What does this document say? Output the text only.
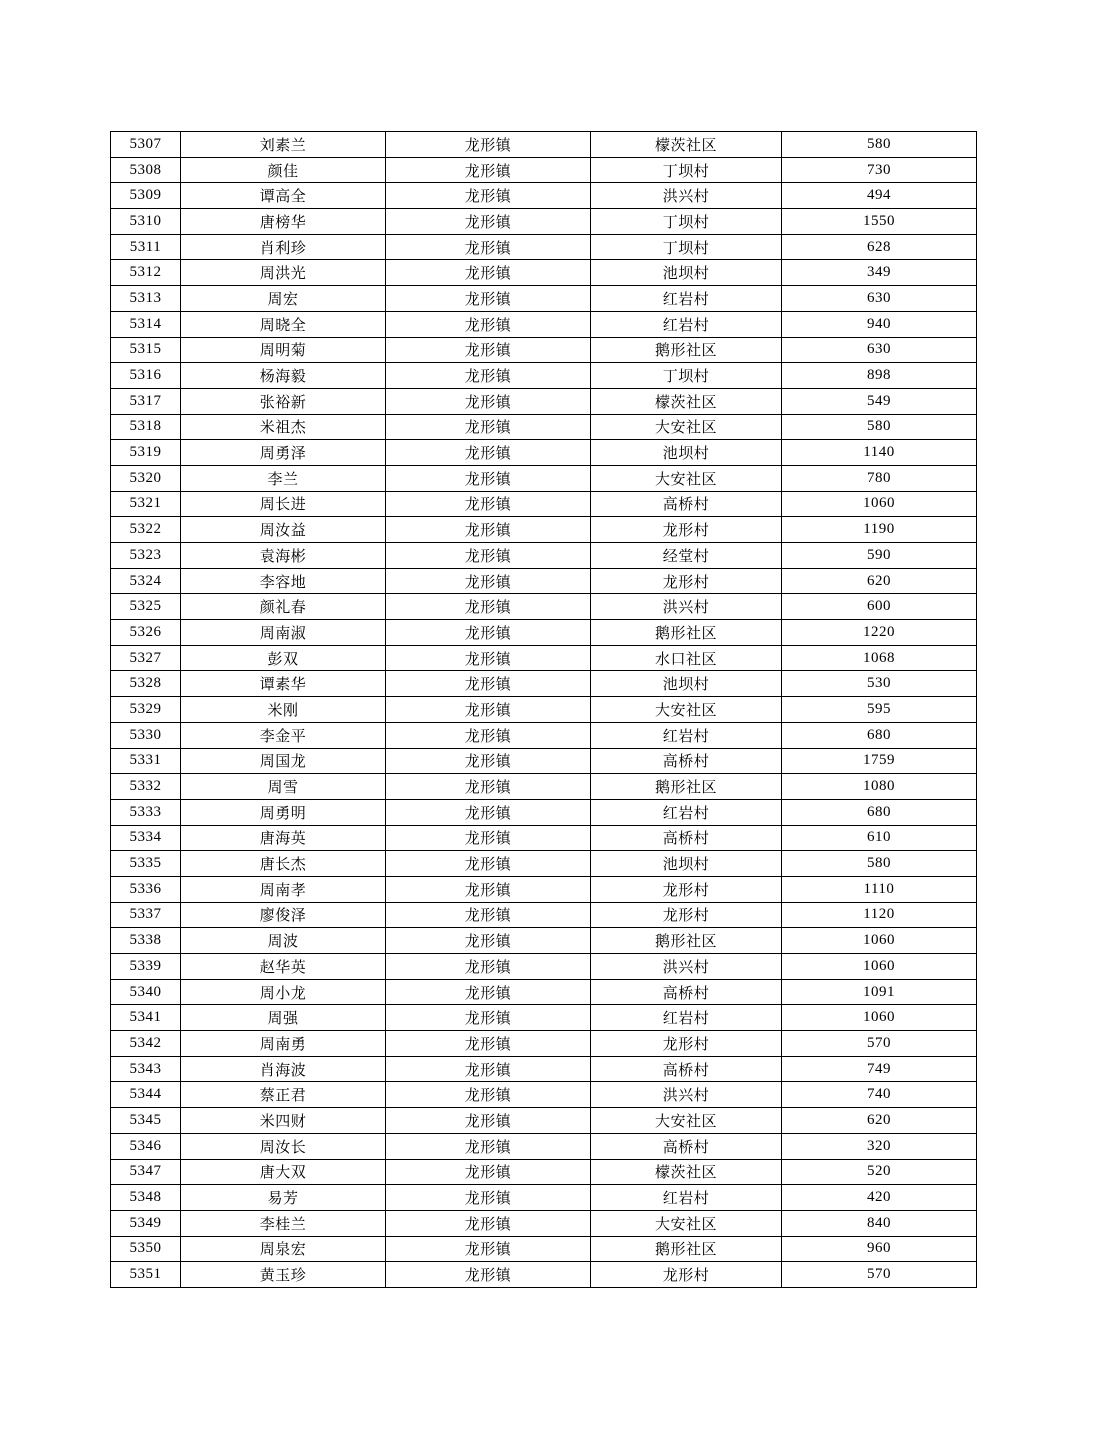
5307	刘素兰	龙形镇	檬茨社区	580
5308	颜佳	龙形镇	丁坝村	730
5309	谭高全	龙形镇	洪兴村	494
5310	唐榜华	龙形镇	丁坝村	1550
5311	肖利珍	龙形镇	丁坝村	628
5312	周洪光	龙形镇	池坝村	349
5313	周宏	龙形镇	红岩村	630
5314	周晓全	龙形镇	红岩村	940
5315	周明菊	龙形镇	鹅形社区	630
5316	杨海毅	龙形镇	丁坝村	898
5317	张裕新	龙形镇	檬茨社区	549
5318	米祖杰	龙形镇	大安社区	580
5319	周勇泽	龙形镇	池坝村	1140
5320	李兰	龙形镇	大安社区	780
5321	周长进	龙形镇	高桥村	1060
5322	周汝益	龙形镇	龙形村	1190
5323	袁海彬	龙形镇	经堂村	590
5324	李容地	龙形镇	龙形村	620
5325	颜礼春	龙形镇	洪兴村	600
5326	周南淑	龙形镇	鹅形社区	1220
5327	彭双	龙形镇	水口社区	1068
5328	谭素华	龙形镇	池坝村	530
5329	米刚	龙形镇	大安社区	595
5330	李金平	龙形镇	红岩村	680
5331	周国龙	龙形镇	高桥村	1759
5332	周雪	龙形镇	鹅形社区	1080
5333	周勇明	龙形镇	红岩村	680
5334	唐海英	龙形镇	高桥村	610
5335	唐长杰	龙形镇	池坝村	580
5336	周南孝	龙形镇	龙形村	1110
5337	廖俊泽	龙形镇	龙形村	1120
5338	周波	龙形镇	鹅形社区	1060
5339	赵华英	龙形镇	洪兴村	1060
5340	周小龙	龙形镇	高桥村	1091
5341	周强	龙形镇	红岩村	1060
5342	周南勇	龙形镇	龙形村	570
5343	肖海波	龙形镇	高桥村	749
5344	蔡正君	龙形镇	洪兴村	740
5345	米四财	龙形镇	大安社区	620
5346	周汝长	龙形镇	高桥村	320
5347	唐大双	龙形镇	檬茨社区	520
5348	易芳	龙形镇	红岩村	420
5349	李桂兰	龙形镇	大安社区	840
5350	周泉宏	龙形镇	鹅形社区	960
5351	黄玉珍	龙形镇	龙形村	570
